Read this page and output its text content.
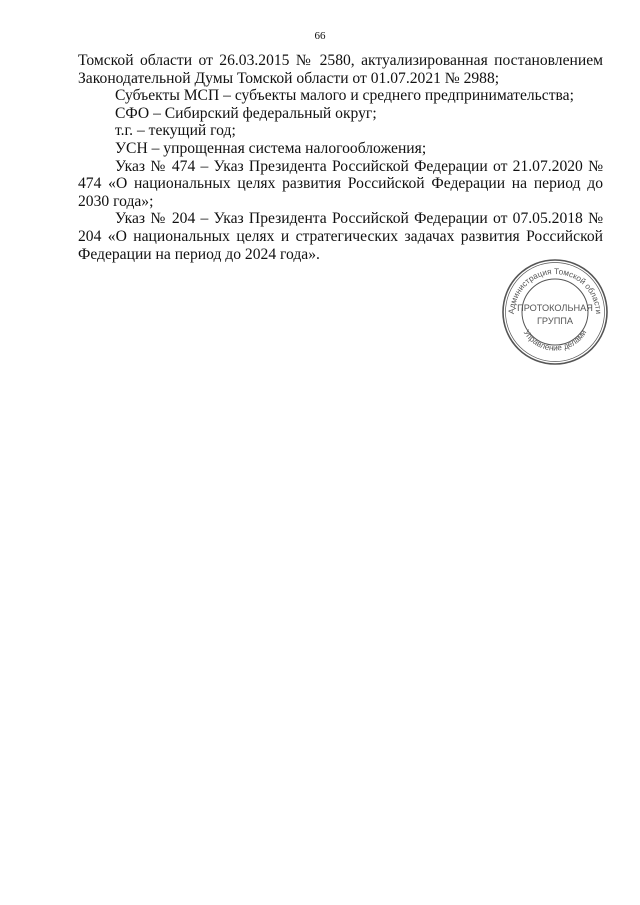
66

Томской области от 26.03.2015 № 2580, актуализированная постановлением Законодательной Думы Томской области от 01.07.2021 № 2988;

Субъекты МСП – субъекты малого и среднего предпринимательства;

СФО – Сибирский федеральный округ;

т.г. – текущий год;

УСН – упрощенная система налогообложения;

Указ № 474 – Указ Президента Российской Федерации от 21.07.2020 № 474 «О национальных целях развития Российской Федерации на период до 2030 года»;

Указ № 204 – Указ Президента Российской Федерации от 07.05.2018 № 204 «О национальных целях и стратегических задачах развития Российской Федерации на период до 2024 года».

Администрация Томской области
Управление делами
ПРОТОКОЛЬНАЯ
ГРУППА
